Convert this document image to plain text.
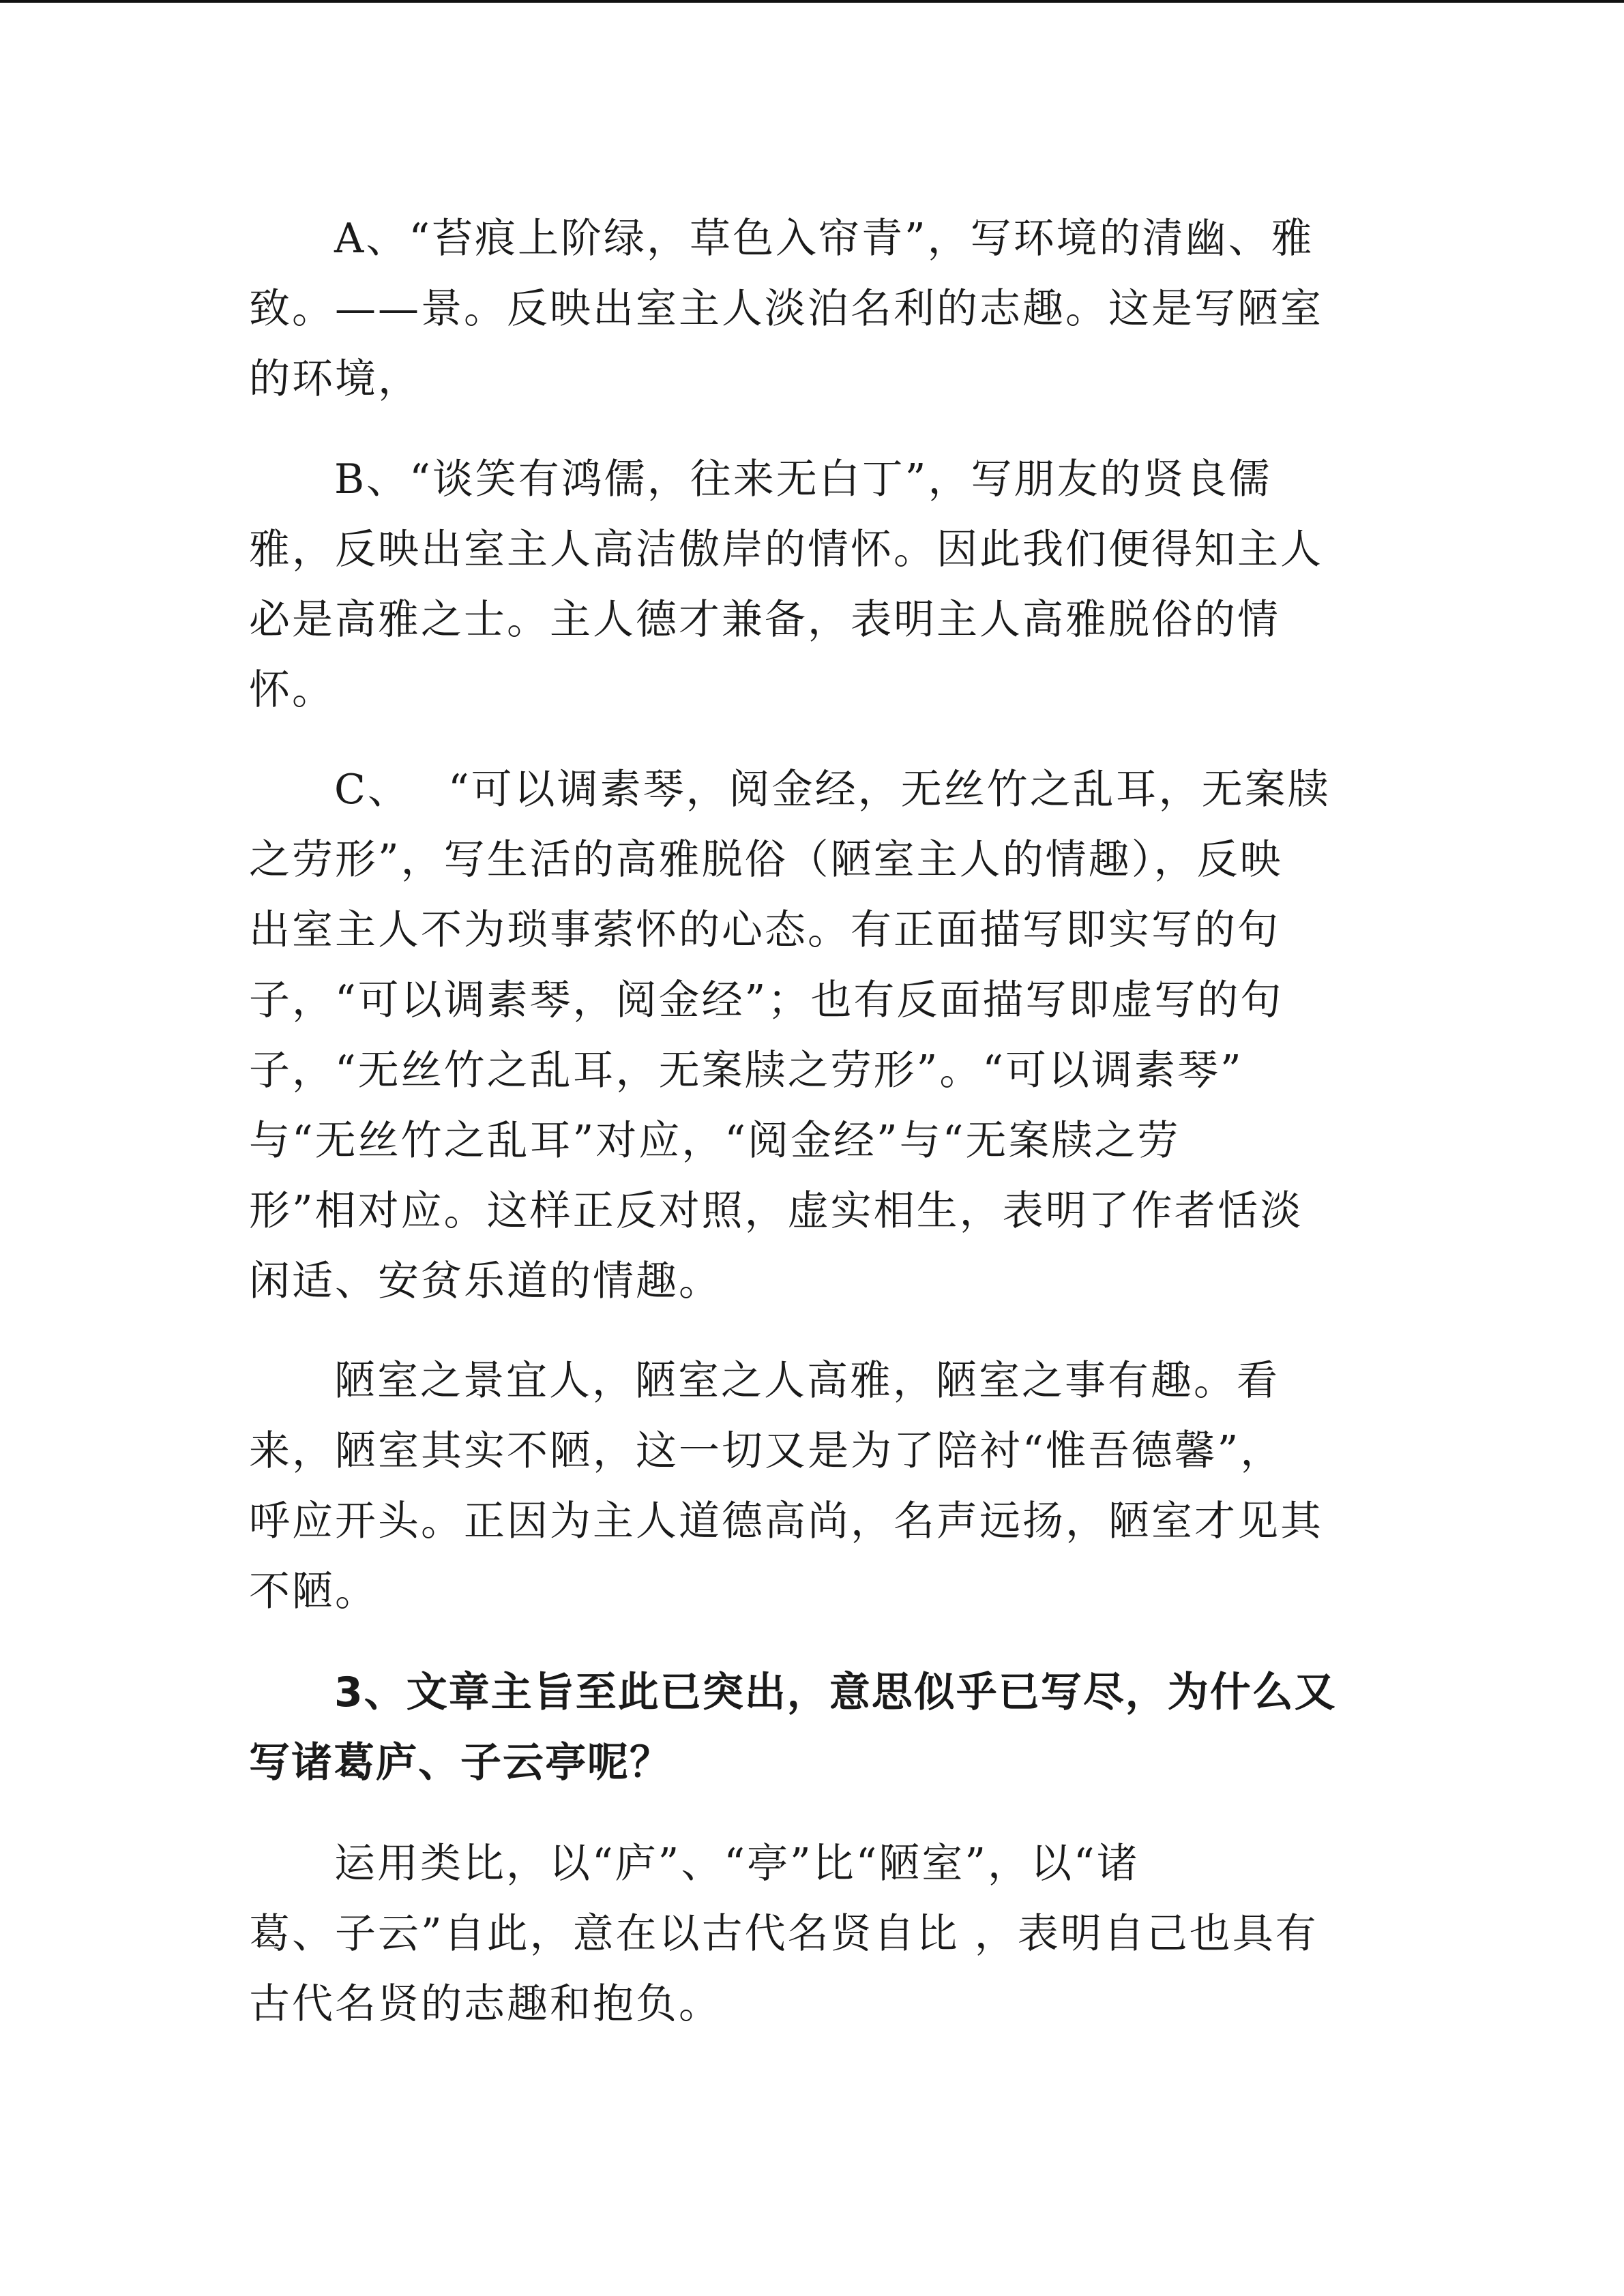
A、“苔痕上阶绿，草色入帘青”，写环境的清幽、雅
致。——景。反映出室主人淡泊名利的志趣。这是写陋室
的环境，
B、“谈笑有鸿儒，往来无白丁”，写朋友的贤良儒
雅，反映出室主人高洁傲岸的情怀。因此我们便得知主人
必是高雅之士。主人德才兼备，表明主人高雅脱俗的情
怀。
C、　 “可以调素琴，阅金经，无丝竹之乱耳，无案牍
之劳形”，写生活的高雅脱俗（陋室主人的情趣），反映
出室主人不为琐事萦怀的心态。有正面描写即实写的句
子，“可以调素琴，阅金经”；也有反面描写即虚写的句
子，“无丝竹之乱耳，无案牍之劳形”。“可以调素琴”
与“无丝竹之乱耳”对应，“阅金经”与“无案牍之劳
形”相对应。这样正反对照，虚实相生，表明了作者恬淡
闲适、安贫乐道的情趣。
陋室之景宜人，陋室之人高雅，陋室之事有趣。看
来，陋室其实不陋，这一切又是为了陪衬“惟吾德馨”，
呼应开头。正因为主人道德高尚，名声远扬，陋室才见其
不陋。
3、文章主旨至此已突出，意思似乎已写尽，为什么又
写诸葛庐、子云亭呢？
运用类比，以“庐”、“亭”比“陋室”，以“诸
葛、子云”自此，意在以古代名贤自比 ，表明自己也具有
古代名贤的志趣和抱负。
